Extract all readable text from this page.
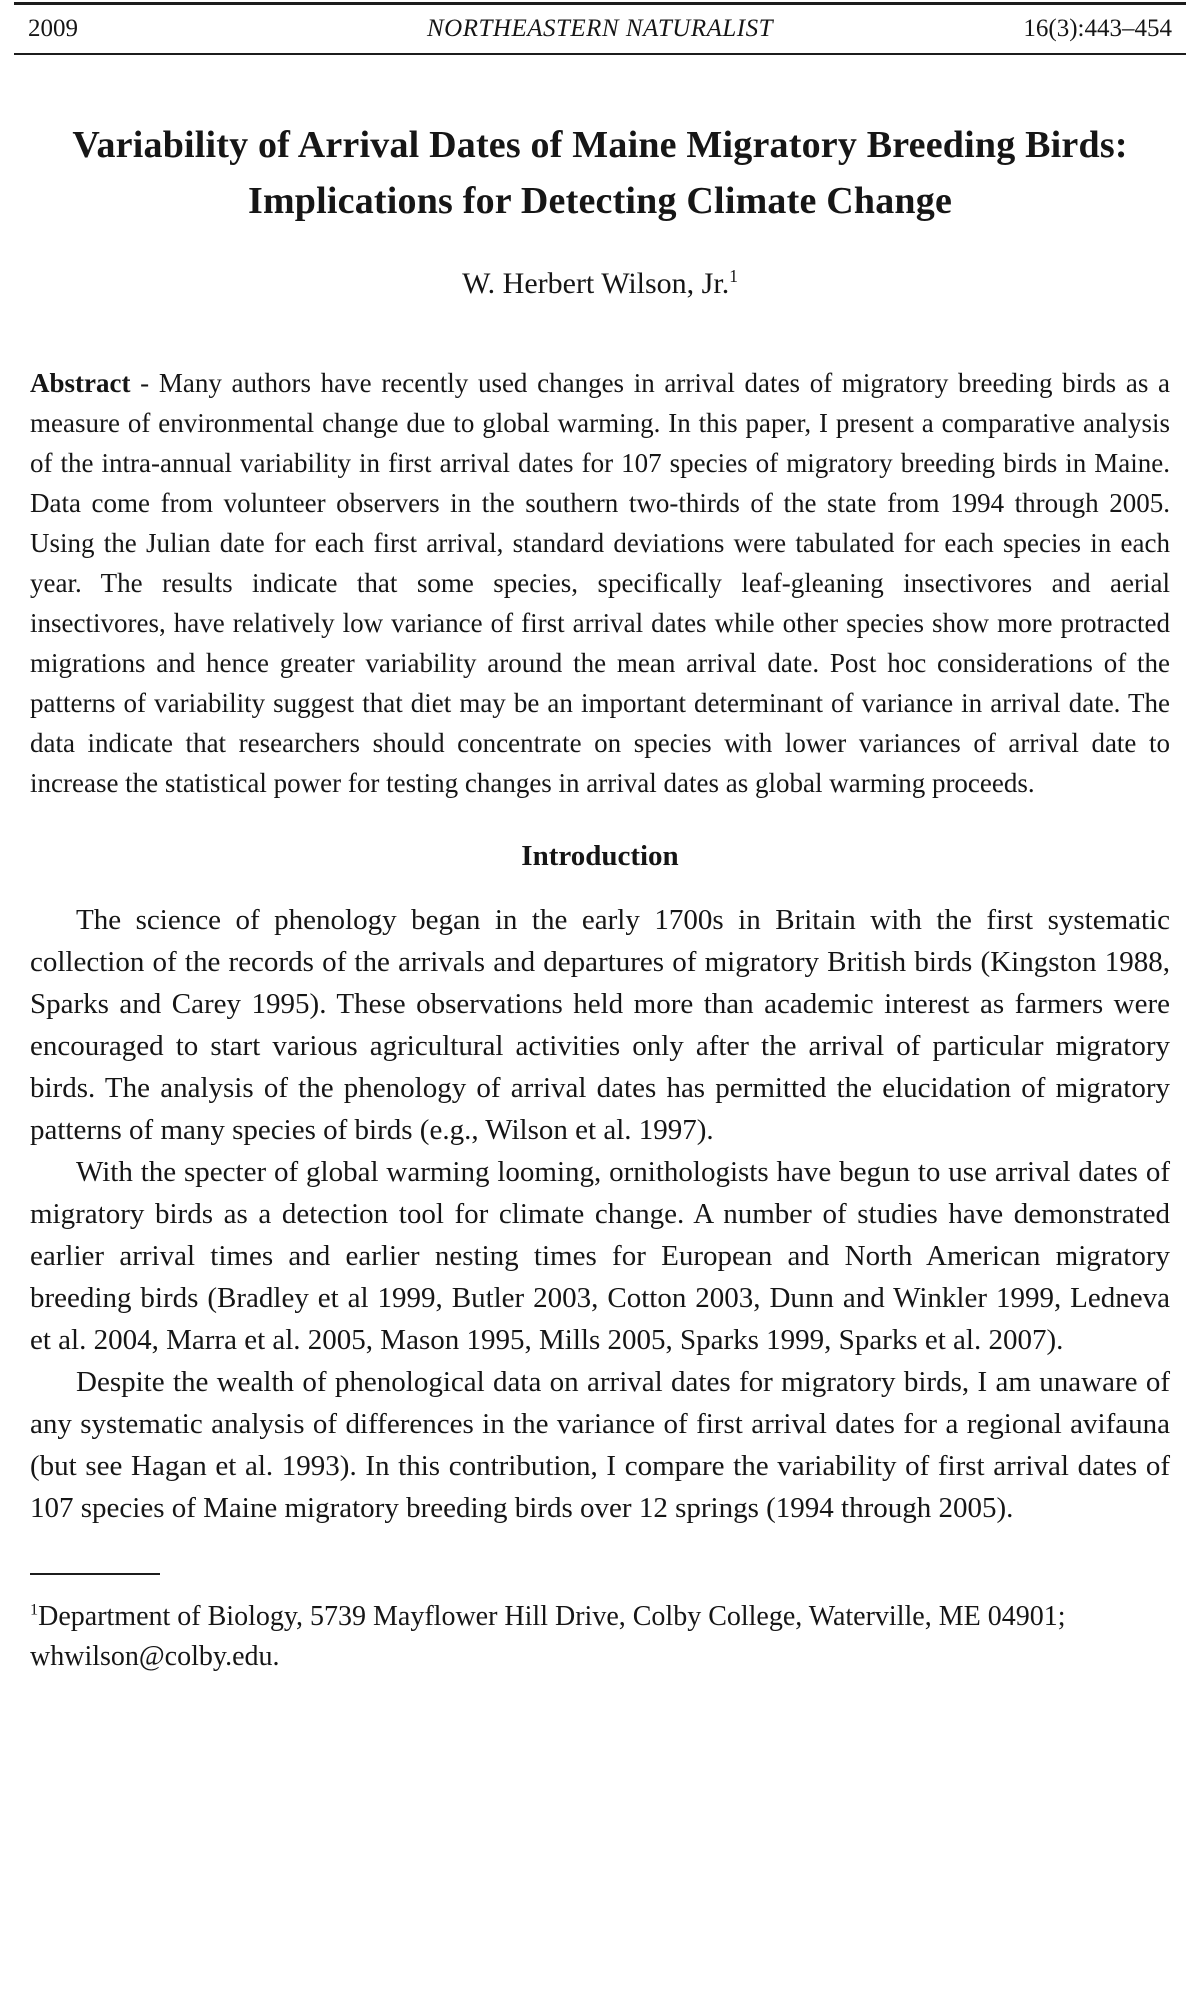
2009	NORTHEASTERN NATURALIST	16(3):443–454
Variability of Arrival Dates of Maine Migratory Breeding Birds: Implications for Detecting Climate Change
W. Herbert Wilson, Jr.$^1$

Abstract - Many authors have recently used changes in arrival dates of migratory breeding birds as a measure of environmental change due to global warming. In this paper, I present a comparative analysis of the intra-annual variability in first arrival dates for 107 species of migratory breeding birds in Maine. Data come from volunteer observers in the southern two-thirds of the state from 1994 through 2005. Using the Julian date for each first arrival, standard deviations were tabulated for each species in each year. The results indicate that some species, specifically leaf-gleaning insectivores and aerial insectivores, have relatively low variance of first arrival dates while other species show more protracted migrations and hence greater variability around the mean arrival date. Post hoc considerations of the patterns of variability suggest that diet may be an important determinant of variance in arrival date. The data indicate that researchers should concentrate on species with lower variances of arrival date to increase the statistical power for testing changes in arrival dates as global warming proceeds.

Introduction

The science of phenology began in the early 1700s in Britain with the first systematic collection of the records of the arrivals and departures of migratory British birds (Kingston 1988, Sparks and Carey 1995). These observations held more than academic interest as farmers were encouraged to start various agricultural activities only after the arrival of particular migratory birds. The analysis of the phenology of arrival dates has permitted the elucidation of migratory patterns of many species of birds (e.g., Wilson et al. 1997).

With the specter of global warming looming, ornithologists have begun to use arrival dates of migratory birds as a detection tool for climate change. A number of studies have demonstrated earlier arrival times and earlier nesting times for European and North American migratory breeding birds (Bradley et al 1999, Butler 2003, Cotton 2003, Dunn and Winkler 1999, Ledneva et al. 2004, Marra et al. 2005, Mason 1995, Mills 2005, Sparks 1999, Sparks et al. 2007).

Despite the wealth of phenological data on arrival dates for migratory birds, I am unaware of any systematic analysis of differences in the variance of first arrival dates for a regional avifauna (but see Hagan et al. 1993). In this contribution, I compare the variability of first arrival dates of 107 species of Maine migratory breeding birds over 12 springs (1994 through 2005).

$^1$Department of Biology, 5739 Mayflower Hill Drive, Colby College, Waterville, ME 04901; whwilson@colby.edu.
